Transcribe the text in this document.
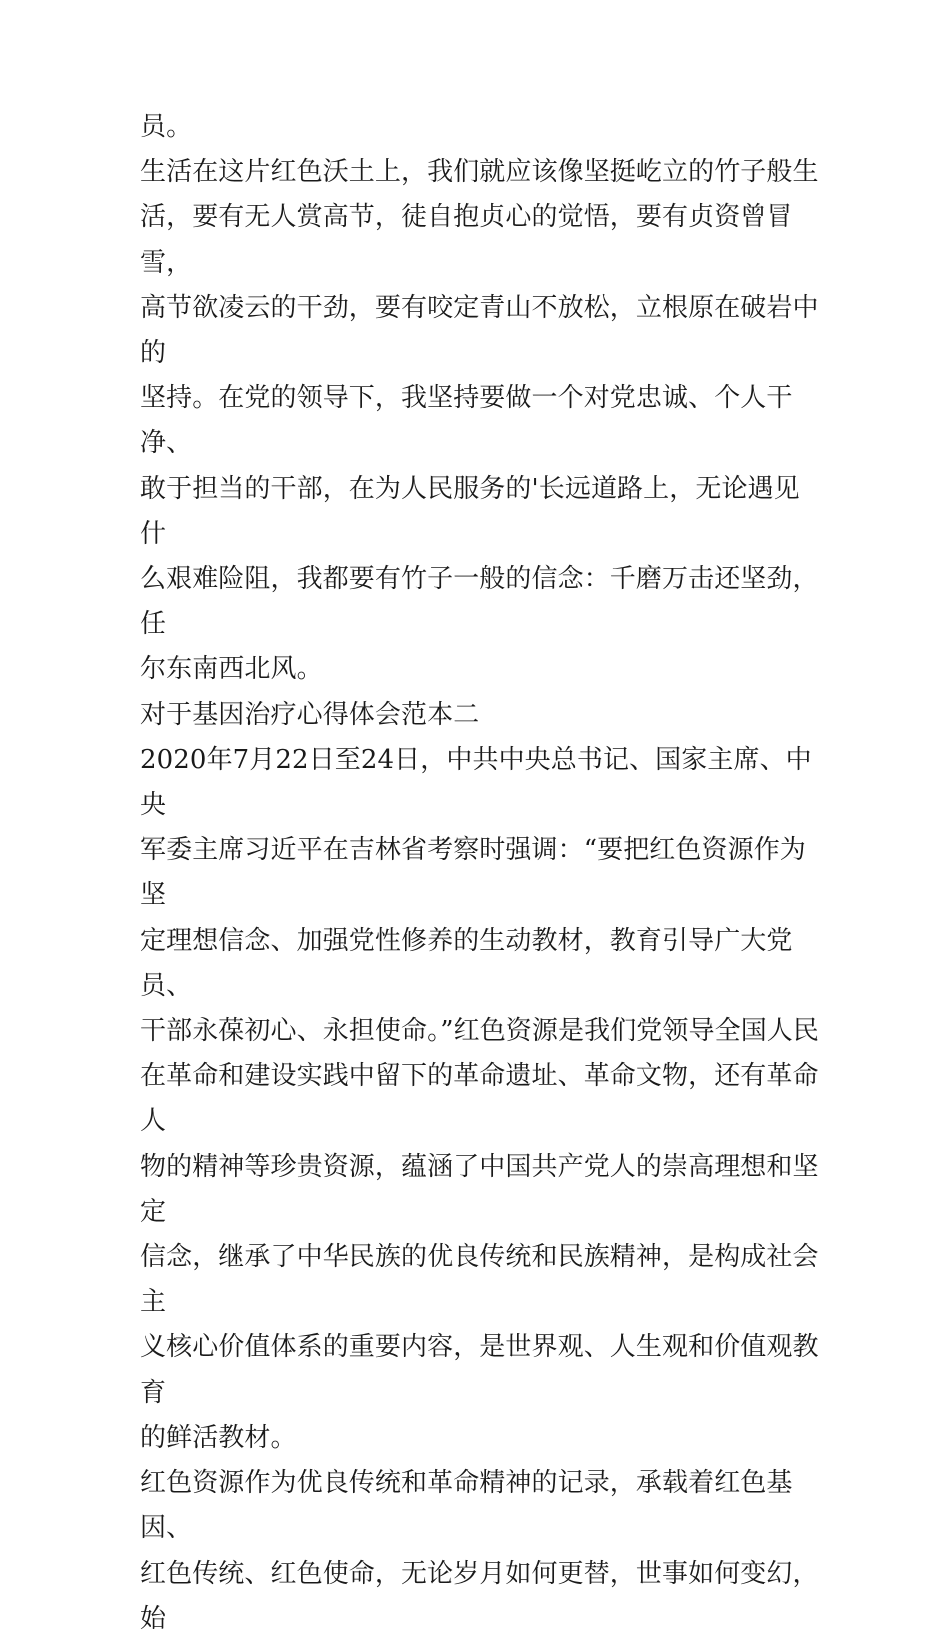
员。

生活在这片红色沃土上，我们就应该像坚挺屹立的竹子般生
活，要有无人赏高节，徒自抱贞心的觉悟，要有贞资曾冒雪，
高节欲凌云的干劲，要有咬定青山不放松，立根原在破岩中的
坚持。在党的领导下，我坚持要做一个对党忠诚、个人干净、
敢于担当的干部，在为人民服务的'长远道路上，无论遇见什
么艰难险阻，我都要有竹子一般的信念：千磨万击还坚劲，任
尔东南西北风。

对于基因治疗心得体会范本二

2020年7月22日至24日，中共中央总书记、国家主席、中央
军委主席习近平在吉林省考察时强调：“要把红色资源作为坚
定理想信念、加强党性修养的生动教材，教育引导广大党员、
干部永葆初心、永担使命。”红色资源是我们党领导全国人民
在革命和建设实践中留下的革命遗址、革命文物，还有革命人
物的精神等珍贵资源，蕴涵了中国共产党人的崇高理想和坚定
信念，继承了中华民族的优良传统和民族精神，是构成社会主
义核心价值体系的重要内容，是世界观、人生观和价值观教育
的鲜活教材。

红色资源作为优良传统和革命精神的记录，承载着红色基因、
红色传统、红色使命，无论岁月如何更替，世事如何变幻，始
